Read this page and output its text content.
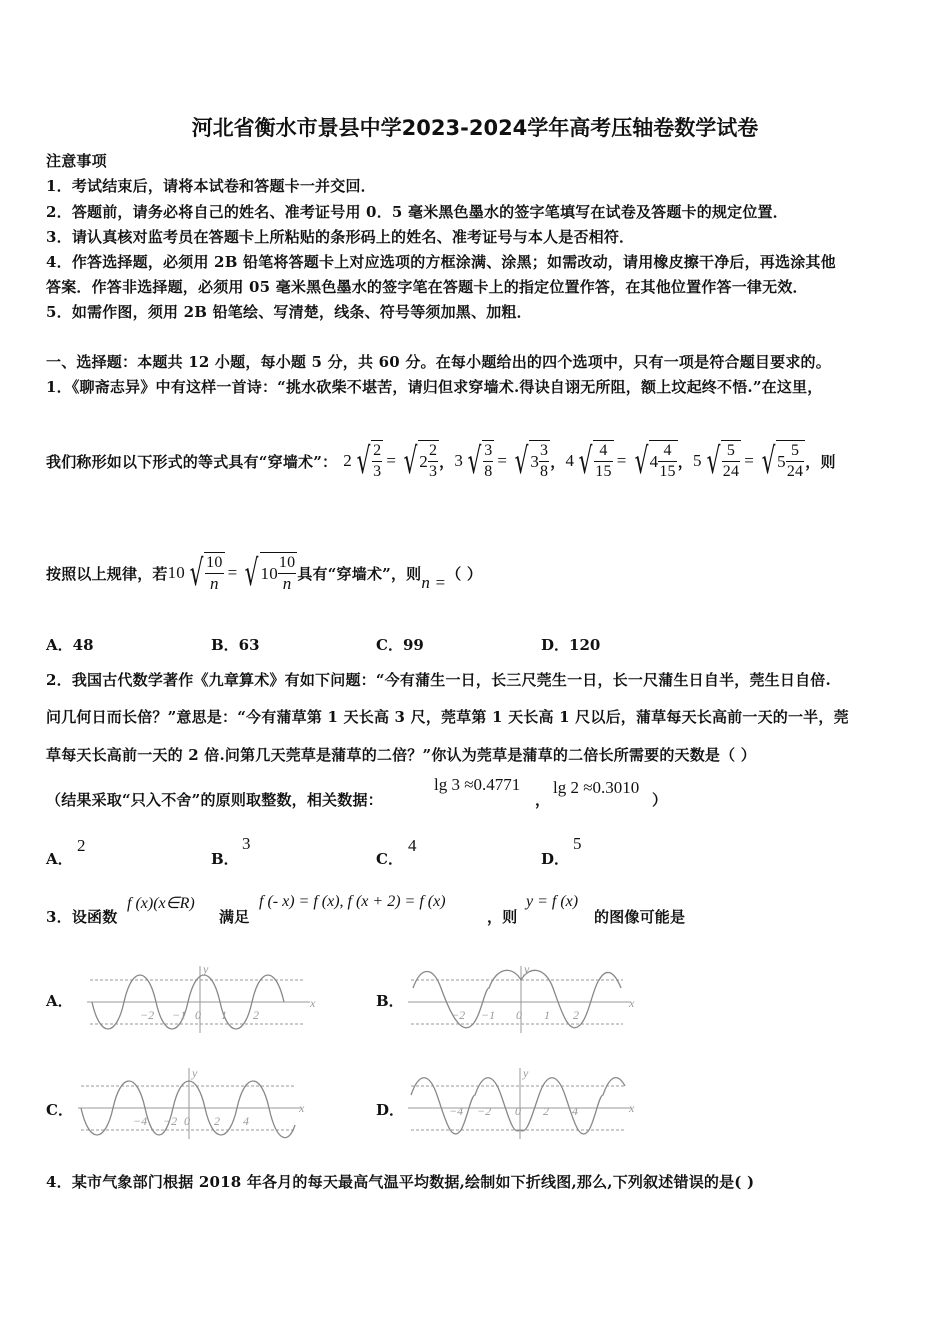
河北省衡水市景县中学2023-2024学年高考压轴卷数学试卷
注意事项
1．考试结束后，请将本试卷和答题卡一并交回．
2．答题前，请务必将自己的姓名、准考证号用 0．5 毫米黑色墨水的签字笔填写在试卷及答题卡的规定位置．
3．请认真核对监考员在答题卡上所粘贴的条形码上的姓名、准考证号与本人是否相符．
4．作答选择题，必须用 2B 铅笔将答题卡上对应选项的方框涂满、涂黑；如需改动，请用橡皮擦干净后，再选涂其他
答案．作答非选择题，必须用 05 毫米黑色墨水的签字笔在答题卡上的指定位置作答，在其他位置作答一律无效．
5．如需作图，须用 2B 铅笔绘、写清楚，线条、符号等须加黑、加粗．
一、选择题：本题共 12 小题，每小题 5 分，共 60 分。在每小题给出的四个选项中，只有一项是符合题目要求的。
1．《聊斋志异》中有这样一首诗：“挑水砍柴不堪苦，请归但求穿墙术.得诀自诩无所阻，额上坟起终不悟.”在这里，
我们称形如以下形式的等式具有“穿墙术”： 2 √ $\frac{2}{3}$ = √ $2 \frac{2}{3}$ ， 3 √ $\frac{3}{8}$ = √ $3 \frac{3}{8}$ ， 4 √ $\frac{4}{15}$ = √ $4 \frac{4}{15}$ ， 5 √ $\frac{5}{24}$ = √ $5 \frac{5}{24}$ ，则
按照以上规律，若 10 √ $\frac{10}{n}$ = √ $10 \frac{10}{n}$ 具有“穿墙术”，则 n = （ ）
A．48	B．63	C．99	D．120
2．我国古代数学著作《九章算术》有如下问题：“今有蒲生一日，长三尺莞生一日，长一尺蒲生日自半，莞生日自倍.
问几何日而长倍？”意思是：“今有蒲草第 1 天长高 3 尺，莞草第 1 天长高 1 尺以后，蒲草每天长高前一天的一半，莞
草每天长高前一天的 2 倍.问第几天莞草是蒲草的二倍？”你认为莞草是蒲草的二倍长所需要的天数是（ ）
（结果采取“只入不舍”的原则取整数，相关数据：
lg 3 ≈0.4771
，
lg 2 ≈0.3010
）
A．
2
B．
3
C．
4
D．
5
3．设函数
f (x)(x∈R)
满足
f (- x) = f (x), f (x + 2) = f (x)
，则
y = f (x)
的图像可能是
A．	x
y
−2 −1 0 1 2
B．	x
y
−2 −1 0 1 2
C．	x
y
−4 −2 0 2 4
D．	x
y
−4 −2 0 2 4
4．某市气象部门根据 2018 年各月的每天最高气温平均数据,绘制如下折线图,那么,下列叙述错误的是( )
